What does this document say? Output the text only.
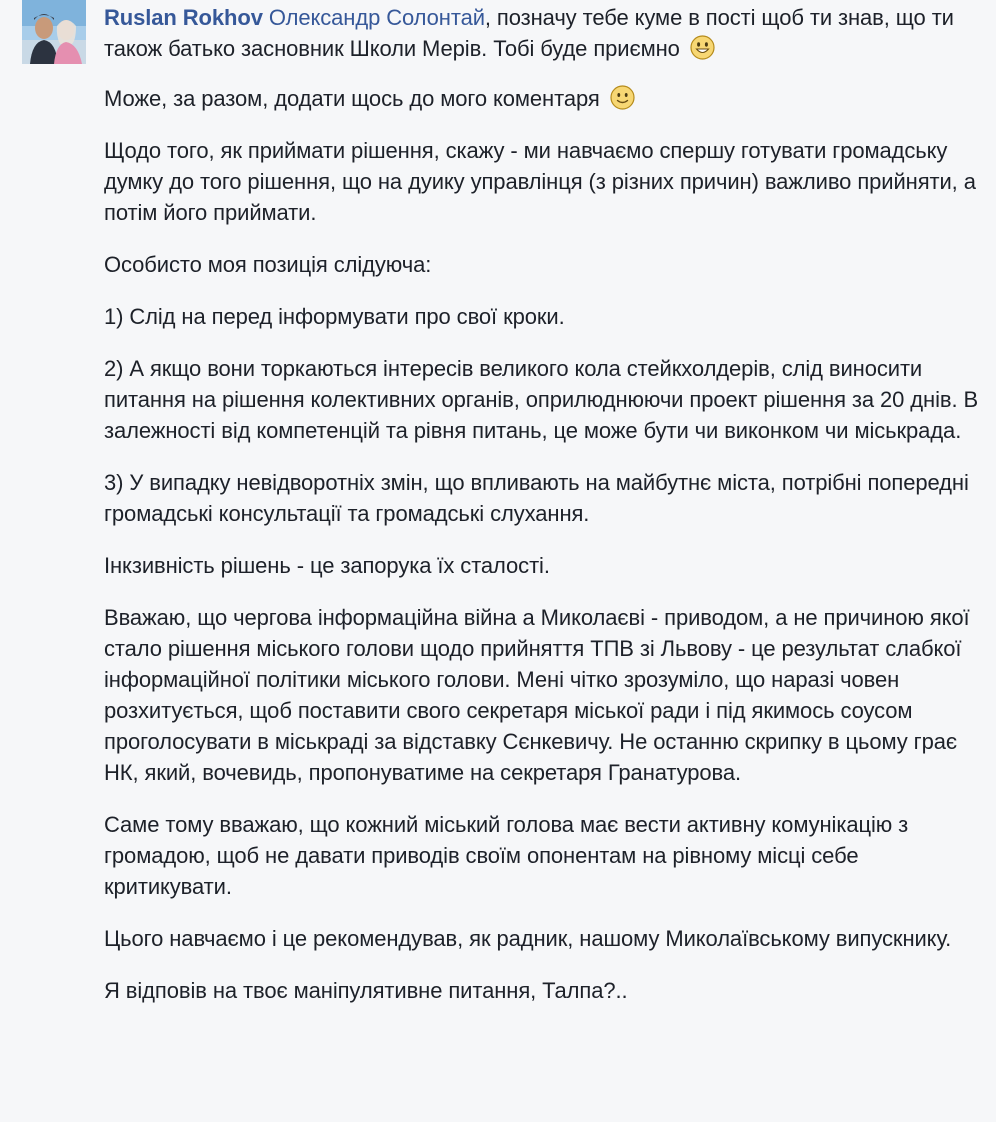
Ruslan Rokhov Олександр Солонтай, позначу тебе куме в пості щоб ти знав, що ти також батько засновник Школи Мерів. Тобі буде приємно

Може, за разом, додати щось до мого коментаря

Щодо того, як приймати рішення, скажу - ми навчаємо спершу готувати громадську думку до того рішення, що на дуику управлінця (з різних причин) важливо прийняти, а потім його приймати.

Особисто моя позиція слідуюча:

1) Слід на перед інформувати про свої кроки.

2) А якщо вони торкаються інтересів великого кола стейкхолдерів, слід виносити питання на рішення колективних органів, оприлюднюючи проект рішення за 20 днів. В залежності від компетенцій та рівня питань, це може бути чи виконком чи міськрада.

3) У випадку невідворотніх змін, що впливають на майбутнє міста, потрібні попередні громадські консультації та громадські слухання.

Інкзивність рішень - це запорука їх сталості.

Вважаю, що чергова інформаційна війна а Миколаєві - приводом, а не причиною якої стало рішення міського голови щодо прийняття ТПВ зі Львову - це результат слабкої інформаційної політики міського голови. Мені чітко зрозуміло, що наразі човен розхитується, щоб поставити свого секретаря міської ради і під якимось соусом проголосувати в міськраді за відставку Сєнкевичу. Не останню скрипку в цьому грає НК, який, вочевидь, пропонуватиме на секретаря Гранатурова.

Саме тому вважаю, що кожний міський голова має вести активну комунікацію з громадою, щоб не давати приводів своїм опонентам на рівному місці себе критикувати.

Цього навчаємо і це рекомендував, як радник, нашому Миколаївському випускнику.

Я відповів на твоє маніпулятивне питання, Талпа?..
